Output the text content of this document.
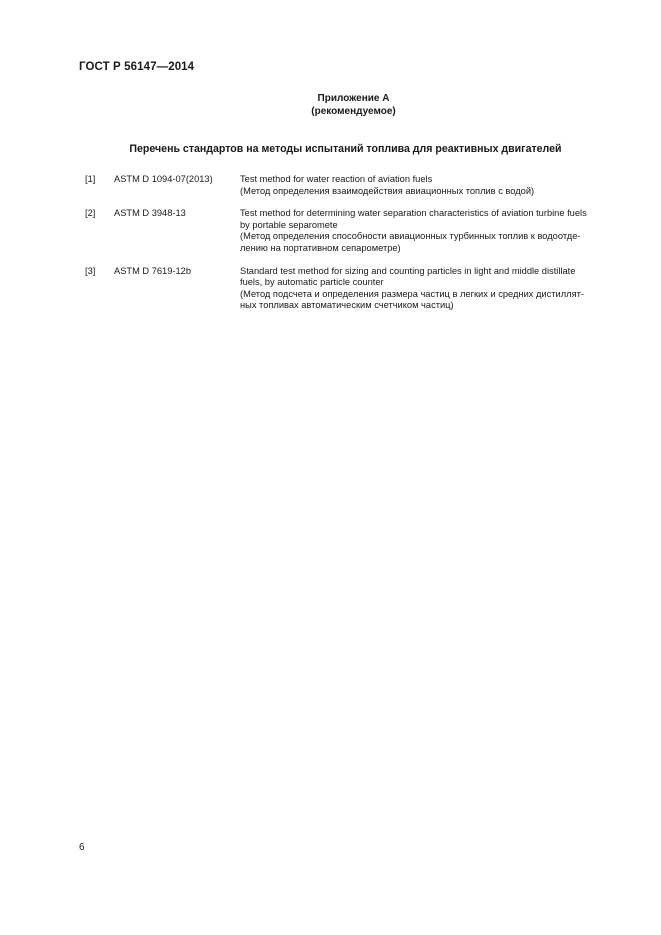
ГОСТ Р 56147—2014
Приложение А
(рекомендуемое)
Перечень стандартов на методы испытаний топлива для реактивных двигателей
[1]	ASTM D 1094-07(2013)	Test method for water reaction of aviation fuels
(Метод определения взаимодействия авиационных топлив с водой)
[2]	ASTM D 3948-13	Test method for determining water separation characteristics of aviation turbine fuels
by portable separomete
(Метод определения способности авиационных турбинных топлив к водоотде-
лению на портативном сепарометре)
[3]	ASTM D 7619-12b	Standard test method for sizing and counting particles in light and middle distillate
fuels, by automatic particle counter
(Метод подсчета и определения размера частиц в легких и средних дистиллят-
ных топливах автоматическим счетчиком частиц)
6
